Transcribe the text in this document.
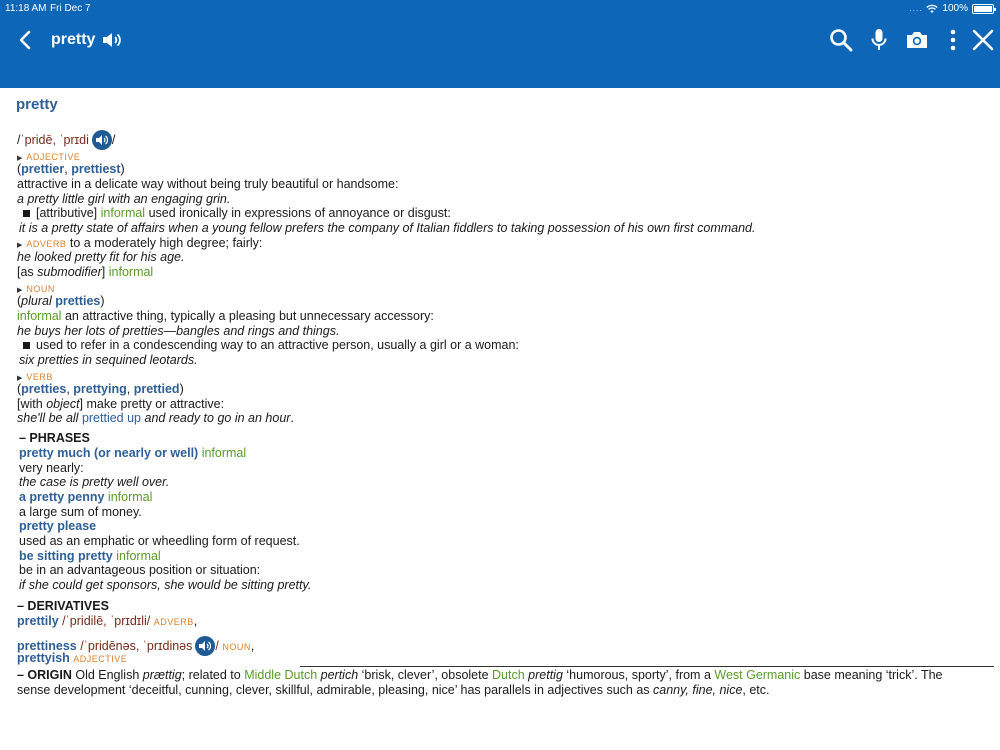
11:18 AM Fri Dec 7	.... 100%
pretty
pretty
/ˈpridē, ˈprɪdi /
▶ ADJECTIVE
(prettier, prettiest)
attractive in a delicate way without being truly beautiful or handsome:
a pretty little girl with an engaging grin.
[attributive] informal used ironically in expressions of annoyance or disgust:
it is a pretty state of affairs when a young fellow prefers the company of Italian fiddlers to taking possession of his own first command.
▶ ADVERB to a moderately high degree; fairly:
he looked pretty fit for his age.
[as submodifier] informal
▶ NOUN
(plural pretties)
informal an attractive thing, typically a pleasing but unnecessary accessory:
he buys her lots of pretties—bangles and rings and things.
used to refer in a condescending way to an attractive person, usually a girl or a woman:
six pretties in sequined leotards.
▶ VERB
(pretties, prettying, prettied)
[with object] make pretty or attractive:
she'll be all prettied up and ready to go in an hour.
– PHRASES
pretty much (or nearly or well) informal
very nearly:
the case is pretty well over.
a pretty penny informal
a large sum of money.
pretty please
used as an emphatic or wheedling form of request.
be sitting pretty informal
be in an advantageous position or situation:
if she could get sponsors, she would be sitting pretty.
– DERIVATIVES
prettily /ˈpridilē, ˈprɪdɪli/ ADVERB,
prettiness /ˈpridēnəs, ˈprɪdinəs / NOUN,
prettyish ADJECTIVE
– ORIGIN Old English prættig; related to Middle Dutch pertich ‘brisk, clever’, obsolete Dutch prettig ‘humorous, sporty’, from a West Germanic base meaning ‘trick’. The
sense development ‘deceitful, cunning, clever, skillful, admirable, pleasing, nice’ has parallels in adjectives such as canny, fine, nice, etc.
